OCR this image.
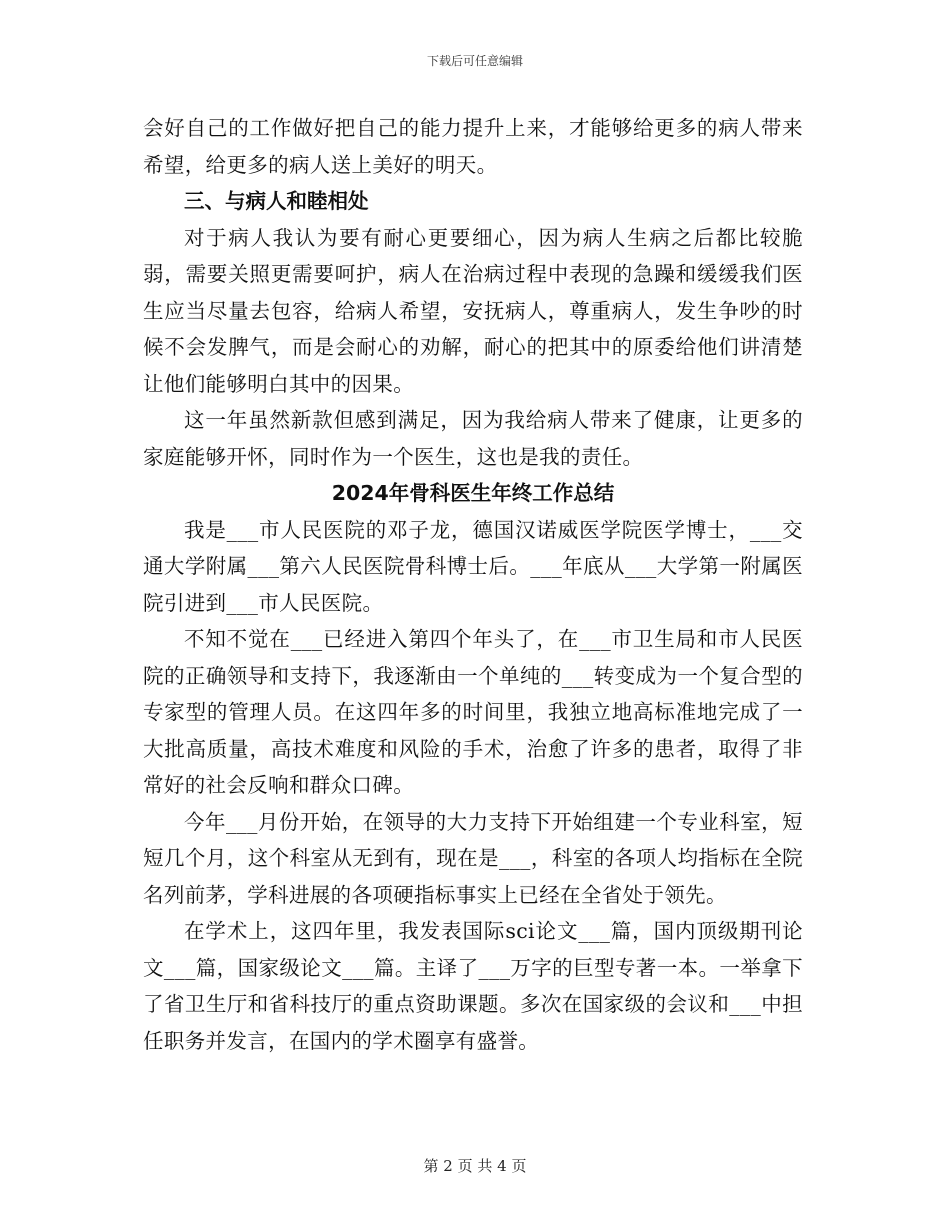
下载后可任意编辑

会好自己的工作做好把自己的能力提升上来，才能够给更多的病人带来希望，给更多的病人送上美好的明天。

三、与病人和睦相处

对于病人我认为要有耐心更要细心，因为病人生病之后都比较脆弱，需要关照更需要呵护，病人在治病过程中表现的急躁和缓缓我们医生应当尽量去包容，给病人希望，安抚病人，尊重病人，发生争吵的时候不会发脾气，而是会耐心的劝解，耐心的把其中的原委给他们讲清楚让他们能够明白其中的因果。

这一年虽然新款但感到满足，因为我给病人带来了健康，让更多的家庭能够开怀，同时作为一个医生，这也是我的责任。

2024年骨科医生年终工作总结

我是___市人民医院的邓子龙，德国汉诺威医学院医学博士，___交通大学附属___第六人民医院骨科博士后。___年底从___大学第一附属医院引进到___市人民医院。

不知不觉在___已经进入第四个年头了，在___市卫生局和市人民医院的正确领导和支持下，我逐渐由一个单纯的___转变成为一个复合型的专家型的管理人员。在这四年多的时间里，我独立地高标准地完成了一大批高质量，高技术难度和风险的手术，治愈了许多的患者，取得了非常好的社会反响和群众口碑。

今年___月份开始，在领导的大力支持下开始组建一个专业科室，短短几个月，这个科室从无到有，现在是___，科室的各项人均指标在全院名列前茅，学科进展的各项硬指标事实上已经在全省处于领先。

在学术上，这四年里，我发表国际sci论文___篇，国内顶级期刊论文___篇，国家级论文___篇。主译了___万字的巨型专著一本。一举拿下了省卫生厅和省科技厅的重点资助课题。多次在国家级的会议和___中担任职务并发言，在国内的学术圈享有盛誉。

第 2 页 共 4 页
